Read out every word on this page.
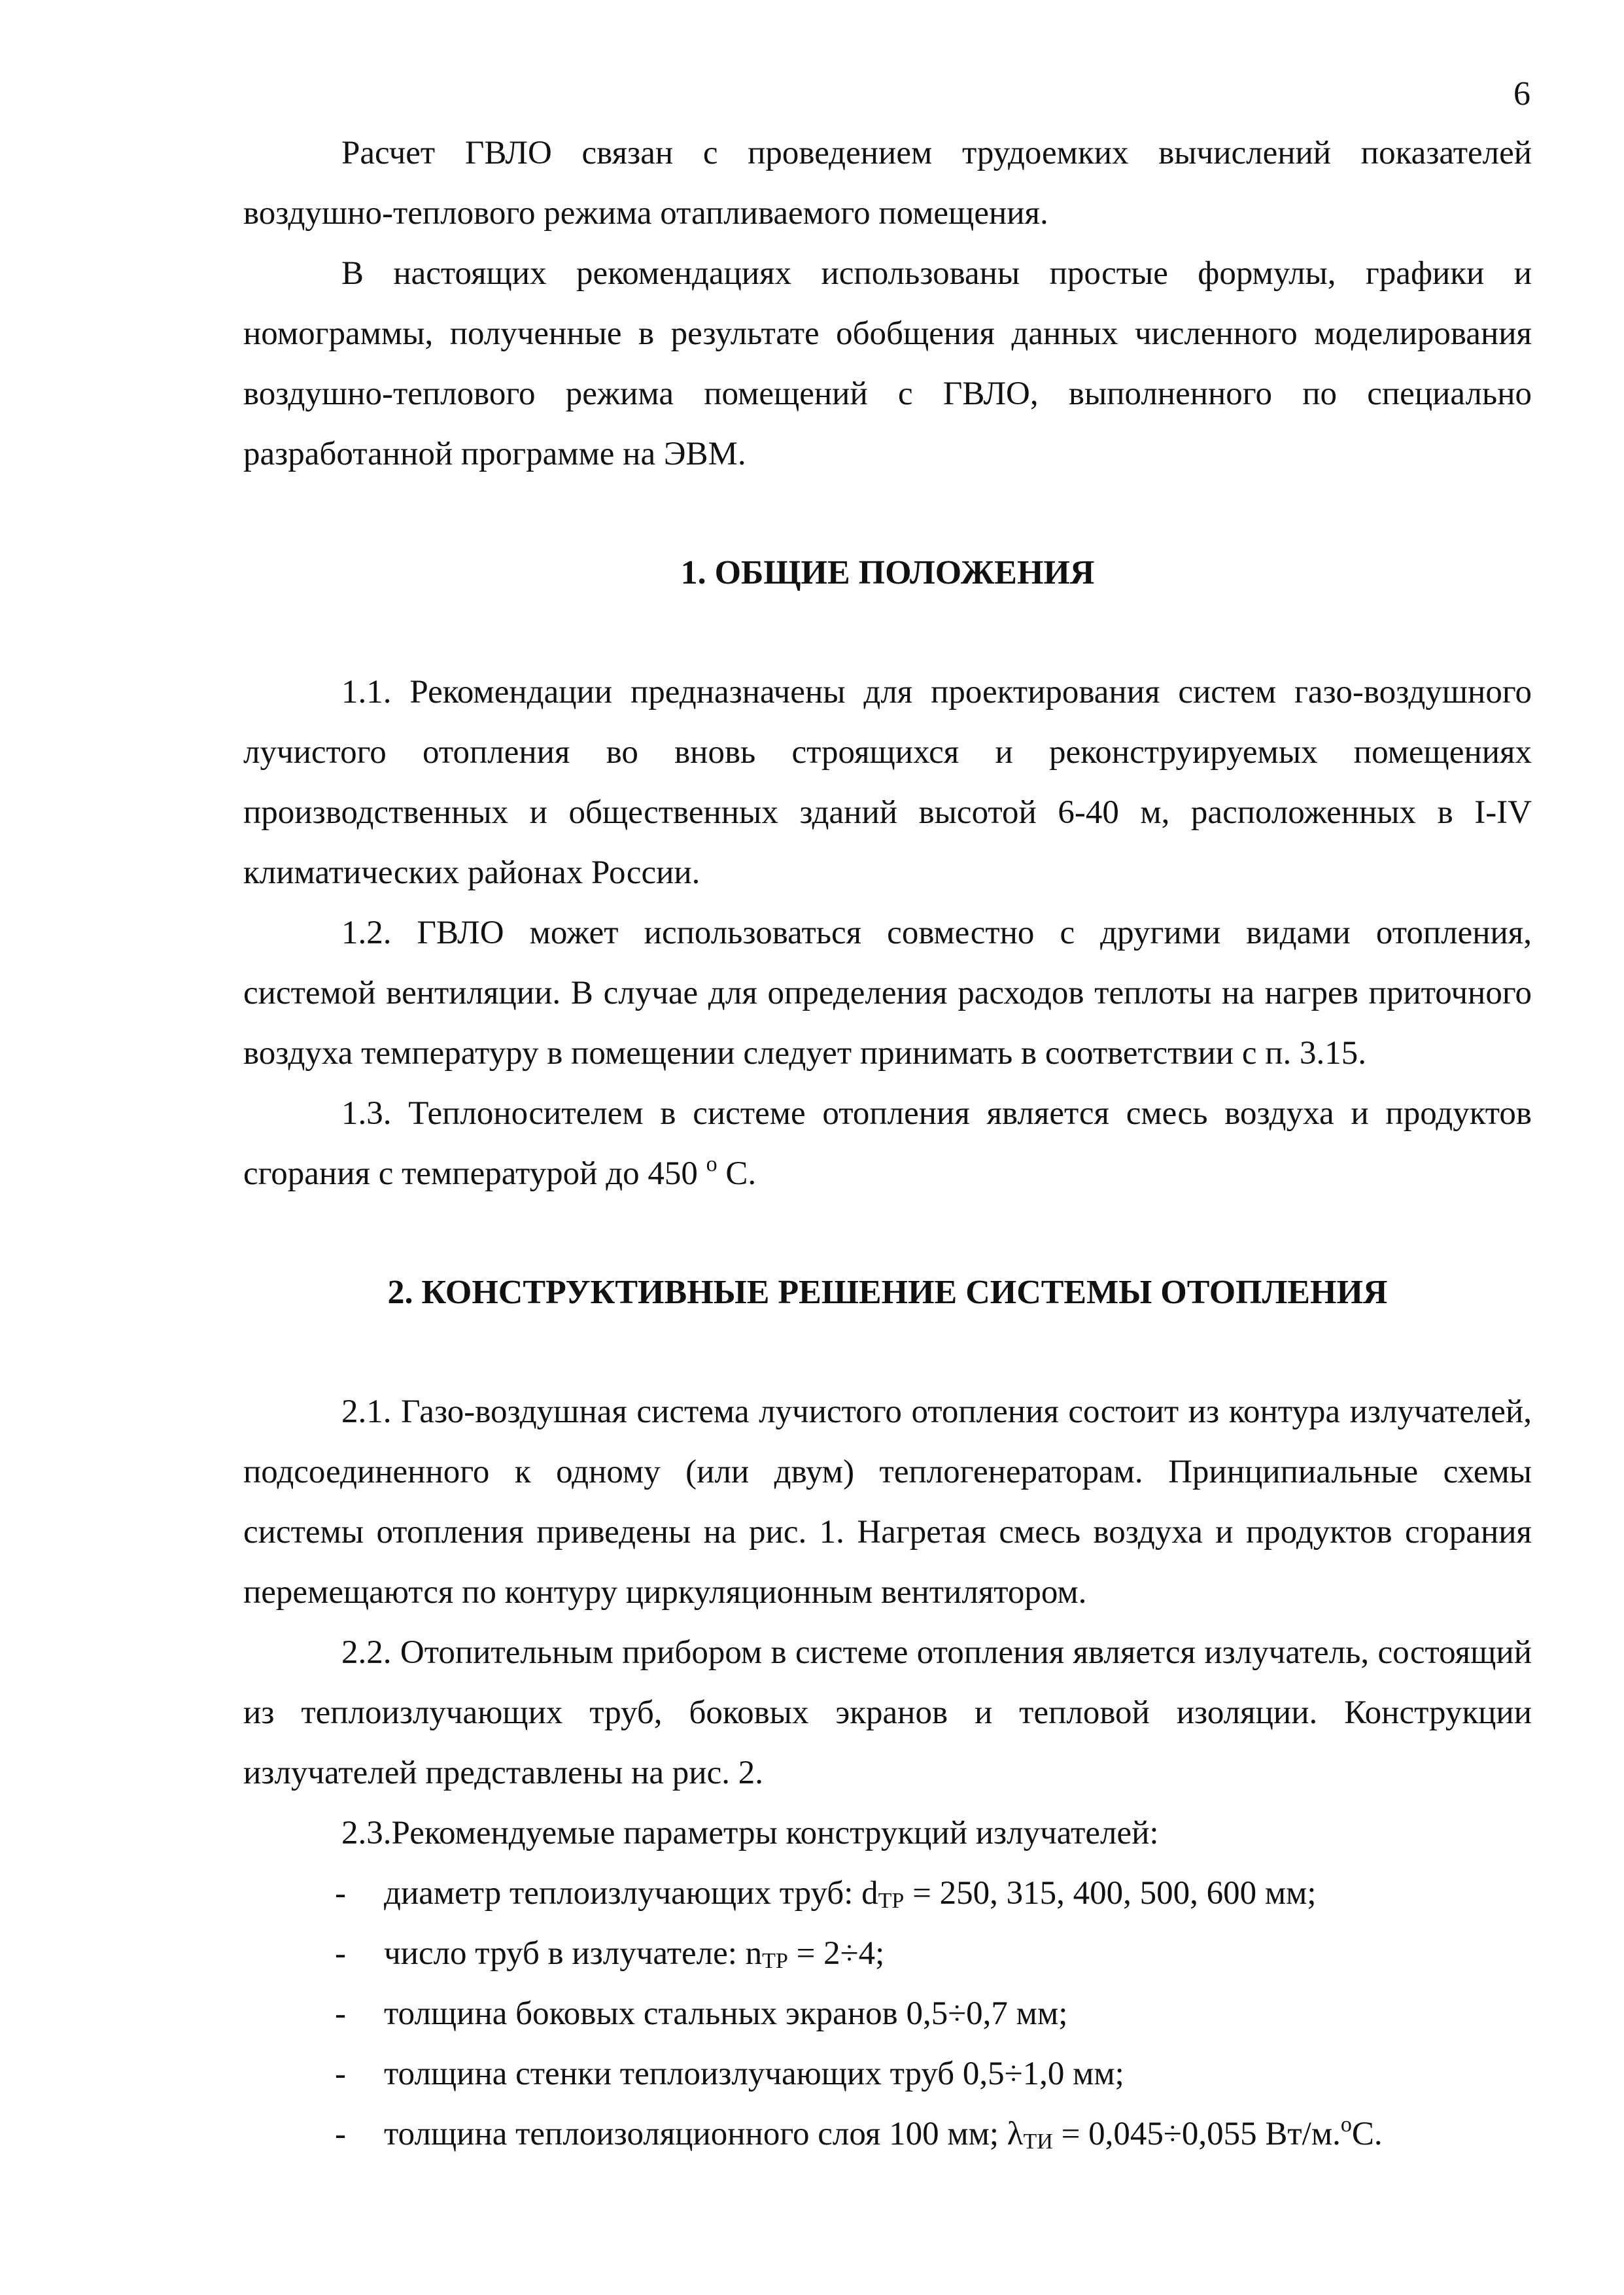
6

Расчет ГВЛО связан с проведением трудоемких вычислений показателей воздушно-теплового режима отапливаемого помещения.

В настоящих рекомендациях использованы простые формулы, графики и номограммы, полученные в результате обобщения данных численного моделирования воздушно-теплового режима помещений с ГВЛО, выполненного по специально разработанной программе на ЭВМ.

1. ОБЩИЕ ПОЛОЖЕНИЯ

1.1. Рекомендации предназначены для проектирования систем газо-воздушного лучистого отопления во вновь строящихся и реконструируемых помещениях производственных и общественных зданий высотой 6-40 м, расположенных в I-IV климатических районах России.

1.2. ГВЛО может использоваться совместно с другими видами отопления, системой вентиляции. В случае для определения расходов теплоты на нагрев приточного воздуха температуру в помещении следует принимать в соответствии с п. 3.15.

1.3. Теплоносителем в системе отопления является смесь воздуха и продуктов сгорания с температурой до 450 $^о$ С.

2. КОНСТРУКТИВНЫЕ РЕШЕНИЕ СИСТЕМЫ ОТОПЛЕНИЯ

2.1. Газо-воздушная система лучистого отопления состоит из контура излучателей, подсоединенного к одному (или двум) теплогенераторам. Принципиальные схемы системы отопления приведены на рис. 1. Нагретая смесь воздуха и продуктов сгорания перемещаются по контуру циркуляционным вентилятором.

2.2. Отопительным прибором в системе отопления является излучатель, состоящий из теплоизлучающих труб, боковых экранов и тепловой изоляции. Конструкции излучателей представлены на рис. 2.

2.3.Рекомендуемые параметры конструкций излучателей:

- диаметр теплоизлучающих труб: $d_{ТР} = 250$, 315, 400, 500, 600 мм;
- число труб в излучателе: $n_{ТР} = 2\div 4$;
- толщина боковых стальных экранов 0,5÷0,7 мм;
- толщина стенки теплоизлучающих труб 0,5÷1,0 мм;
- толщина теплоизоляционного слоя 100 мм; $\lambda_{ТИ} = 0,045\div 0,055$ Вт/м.$^о$С.
